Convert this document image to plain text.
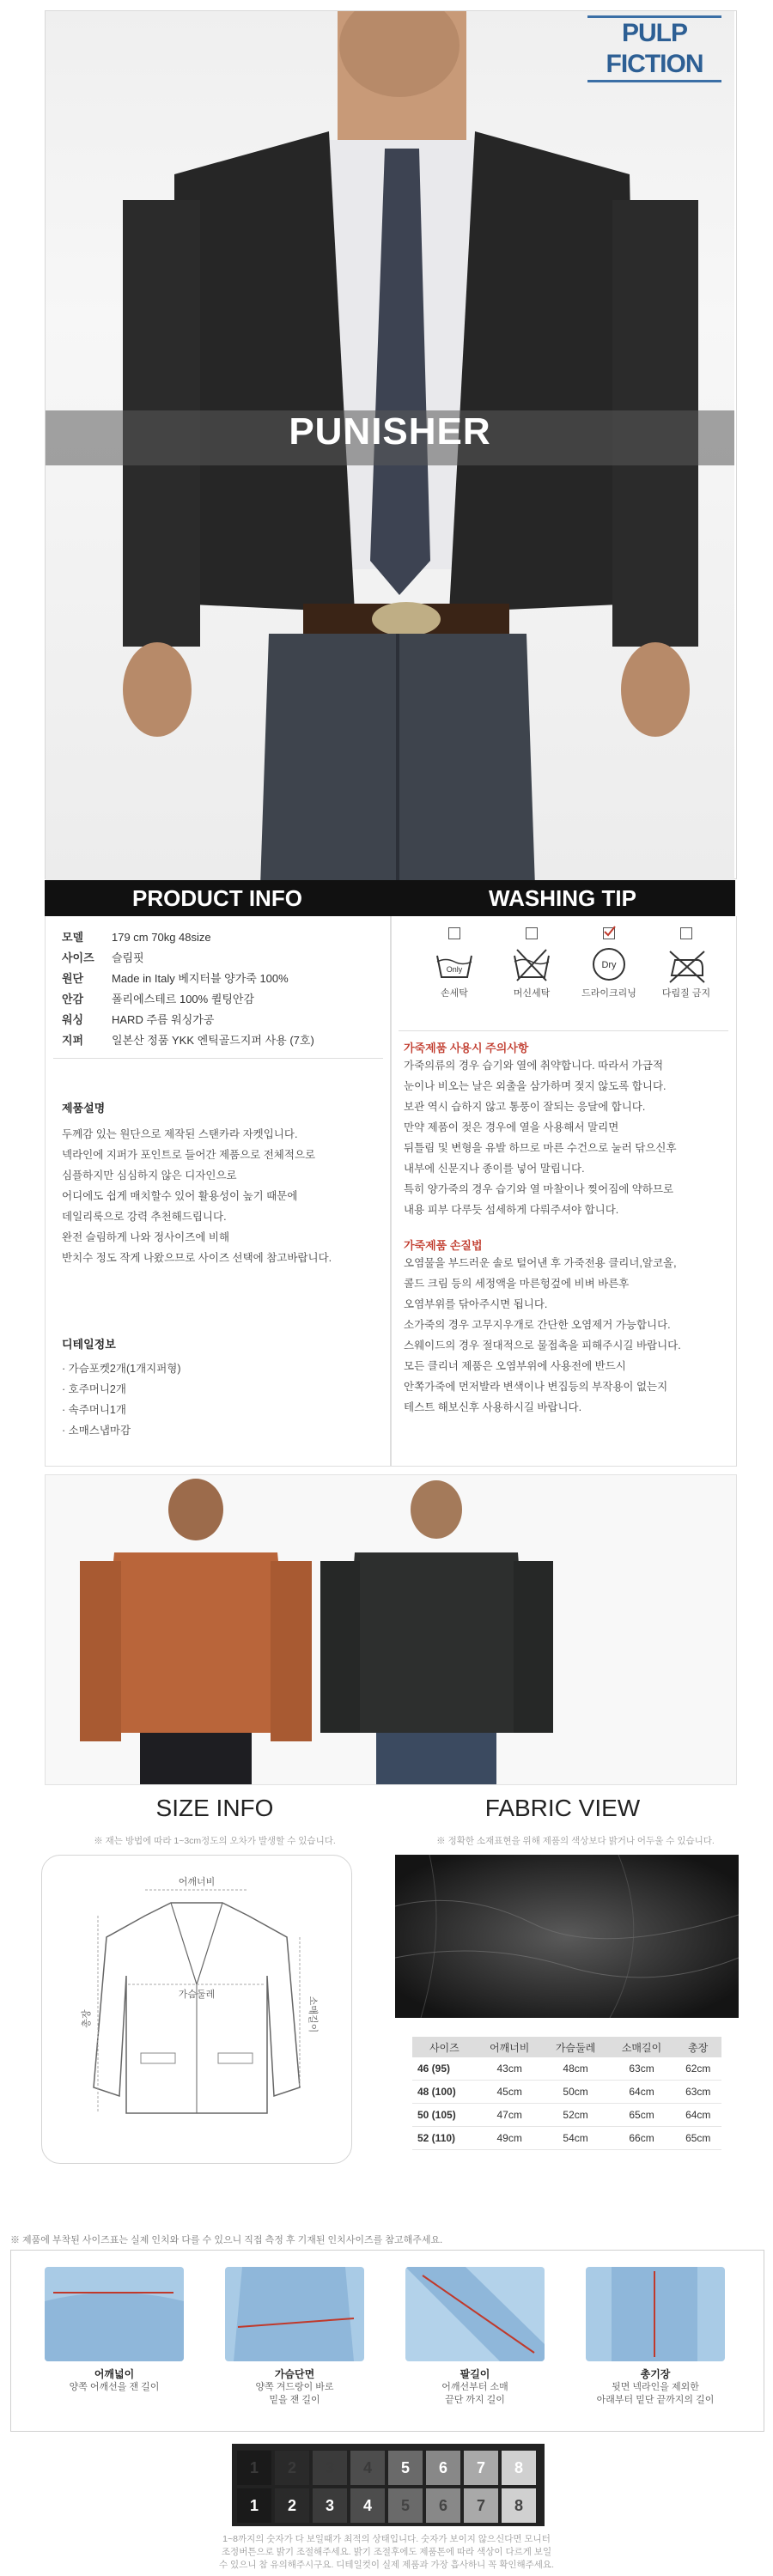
PULP
FICTION
PUNISHER
PRODUCT INFO	WASHING TIP
모델	179 cm 70kg 48size
사이즈 슬림핏
원단	Made in Italy 베지터블 양가죽 100%
안감	폴리에스테르 100% 퀼팅안감
워싱	HARD 주름 워싱가공
지퍼	일본산 정품 YKK 엔틱골드지퍼 사용 (7호)
제품설명
두께감 있는 원단으로 제작된 스탠카라 자켓입니다.
넥라인에 지퍼가 포인트로 들어간 제품으로 전체적으로
심플하지만 심심하지 않은 디자인으로
어디에도 쉽게 매치할수 있어 활용성이 높기 때문에
데일리룩으로 강력 추천해드립니다.
완전 슬림하게 나와 정사이즈에 비해
반치수 정도 작게 나왔으므로 사이즈 선택에 참고바랍니다.
디테일정보
· 가슴포켓2개(1개지퍼형)
· 호주머니2개
· 속주머니1개
· 소매스냅마감
Only
손세탁	머신세탁
Dry
드라이크리닝	다림질 금지
가죽제품 사용시 주의사항
가죽의류의 경우 습기와 열에 취약합니다. 따라서 가급적
눈이나 비오는 날은 외출을 삼가하며 젖지 않도록 합니다.
보관 역시 습하지 않고 통풍이 잘되는 응달에 합니다.
만약 제품이 젖은 경우에 열을 사용해서 말리면
뒤틀림 및 변형을 유발 하므로 마른 수건으로 눌러 닦으신후
내부에 신문지나 종이를 넣어 말립니다.
특히 양가죽의 경우 습기와 열 마찰이나 찢어짐에 약하므로
내용 피부 다루듯 섬세하게 다뤄주셔야 합니다.
가죽제품 손질법
오염물을 부드러운 솔로 털어낸 후 가죽전용 클리너,알코올,
콜드 크림 등의 세정액을 마른헝겊에 비벼 바른후
오염부위를 닦아주시면 됩니다.
소가죽의 경우 고무지우개로 간단한 오염제거 가능합니다.
스웨이드의 경우 절대적으로 물접촉을 피해주시길 바랍니다.
모든 클리너 제품은 오염부위에 사용전에 반드시
안쪽가죽에 먼저발라 변색이나 변집등의 부작용이 없는지
테스트 해보신후 사용하시길 바랍니다.
SIZE INFO	FABRIC VIEW
※ 재는 방법에 따라 1~3cm정도의 오차가 발생할 수 있습니다.	※ 정확한 소재표현을 위해 제품의 색상보다 밝거나 어두울 수 있습니다.
어깨너비
가슴둘레
총장	소매길이
사이즈	어깨너비	가슴둘레	소매길이	총장
46 (95)	43cm	48cm	63cm	62cm
48 (100)	45cm	50cm	64cm	63cm
50 (105)	47cm	52cm	65cm	64cm
52 (110)	49cm	54cm	66cm	65cm
※ 제품에 부착된 사이즈표는 실제 인치와 다를 수 있으니 직접 측정 후 기재된 인치사이즈를 참고해주세요.
어깨넓이
양쪽 어깨선을 잰 길이
가슴단면
양쪽 겨드랑이 바로
밑을 잰 길이
팔길이
어깨선부터 소매
끝단 까지 길이
총기장
뒷면 넥라인을 제외한
아래부터 밑단 끝까지의 길이
1	2	3	4	5	6	7	8
1	2	3	4	5	6	7	8
1~8까지의 숫자가 다 보일때가 최적의 상태입니다. 숫자가 보이지 않으신다면 모니터
조정버튼으로 밝기 조절해주세요. 밝기 조절후에도 제품톤에 따라 색상이 다르게 보일
수 있으니 참 유의해주시구요. 디테일컷이 실제 제품과 가장 흡사하니 꼭 확인해주세요.
